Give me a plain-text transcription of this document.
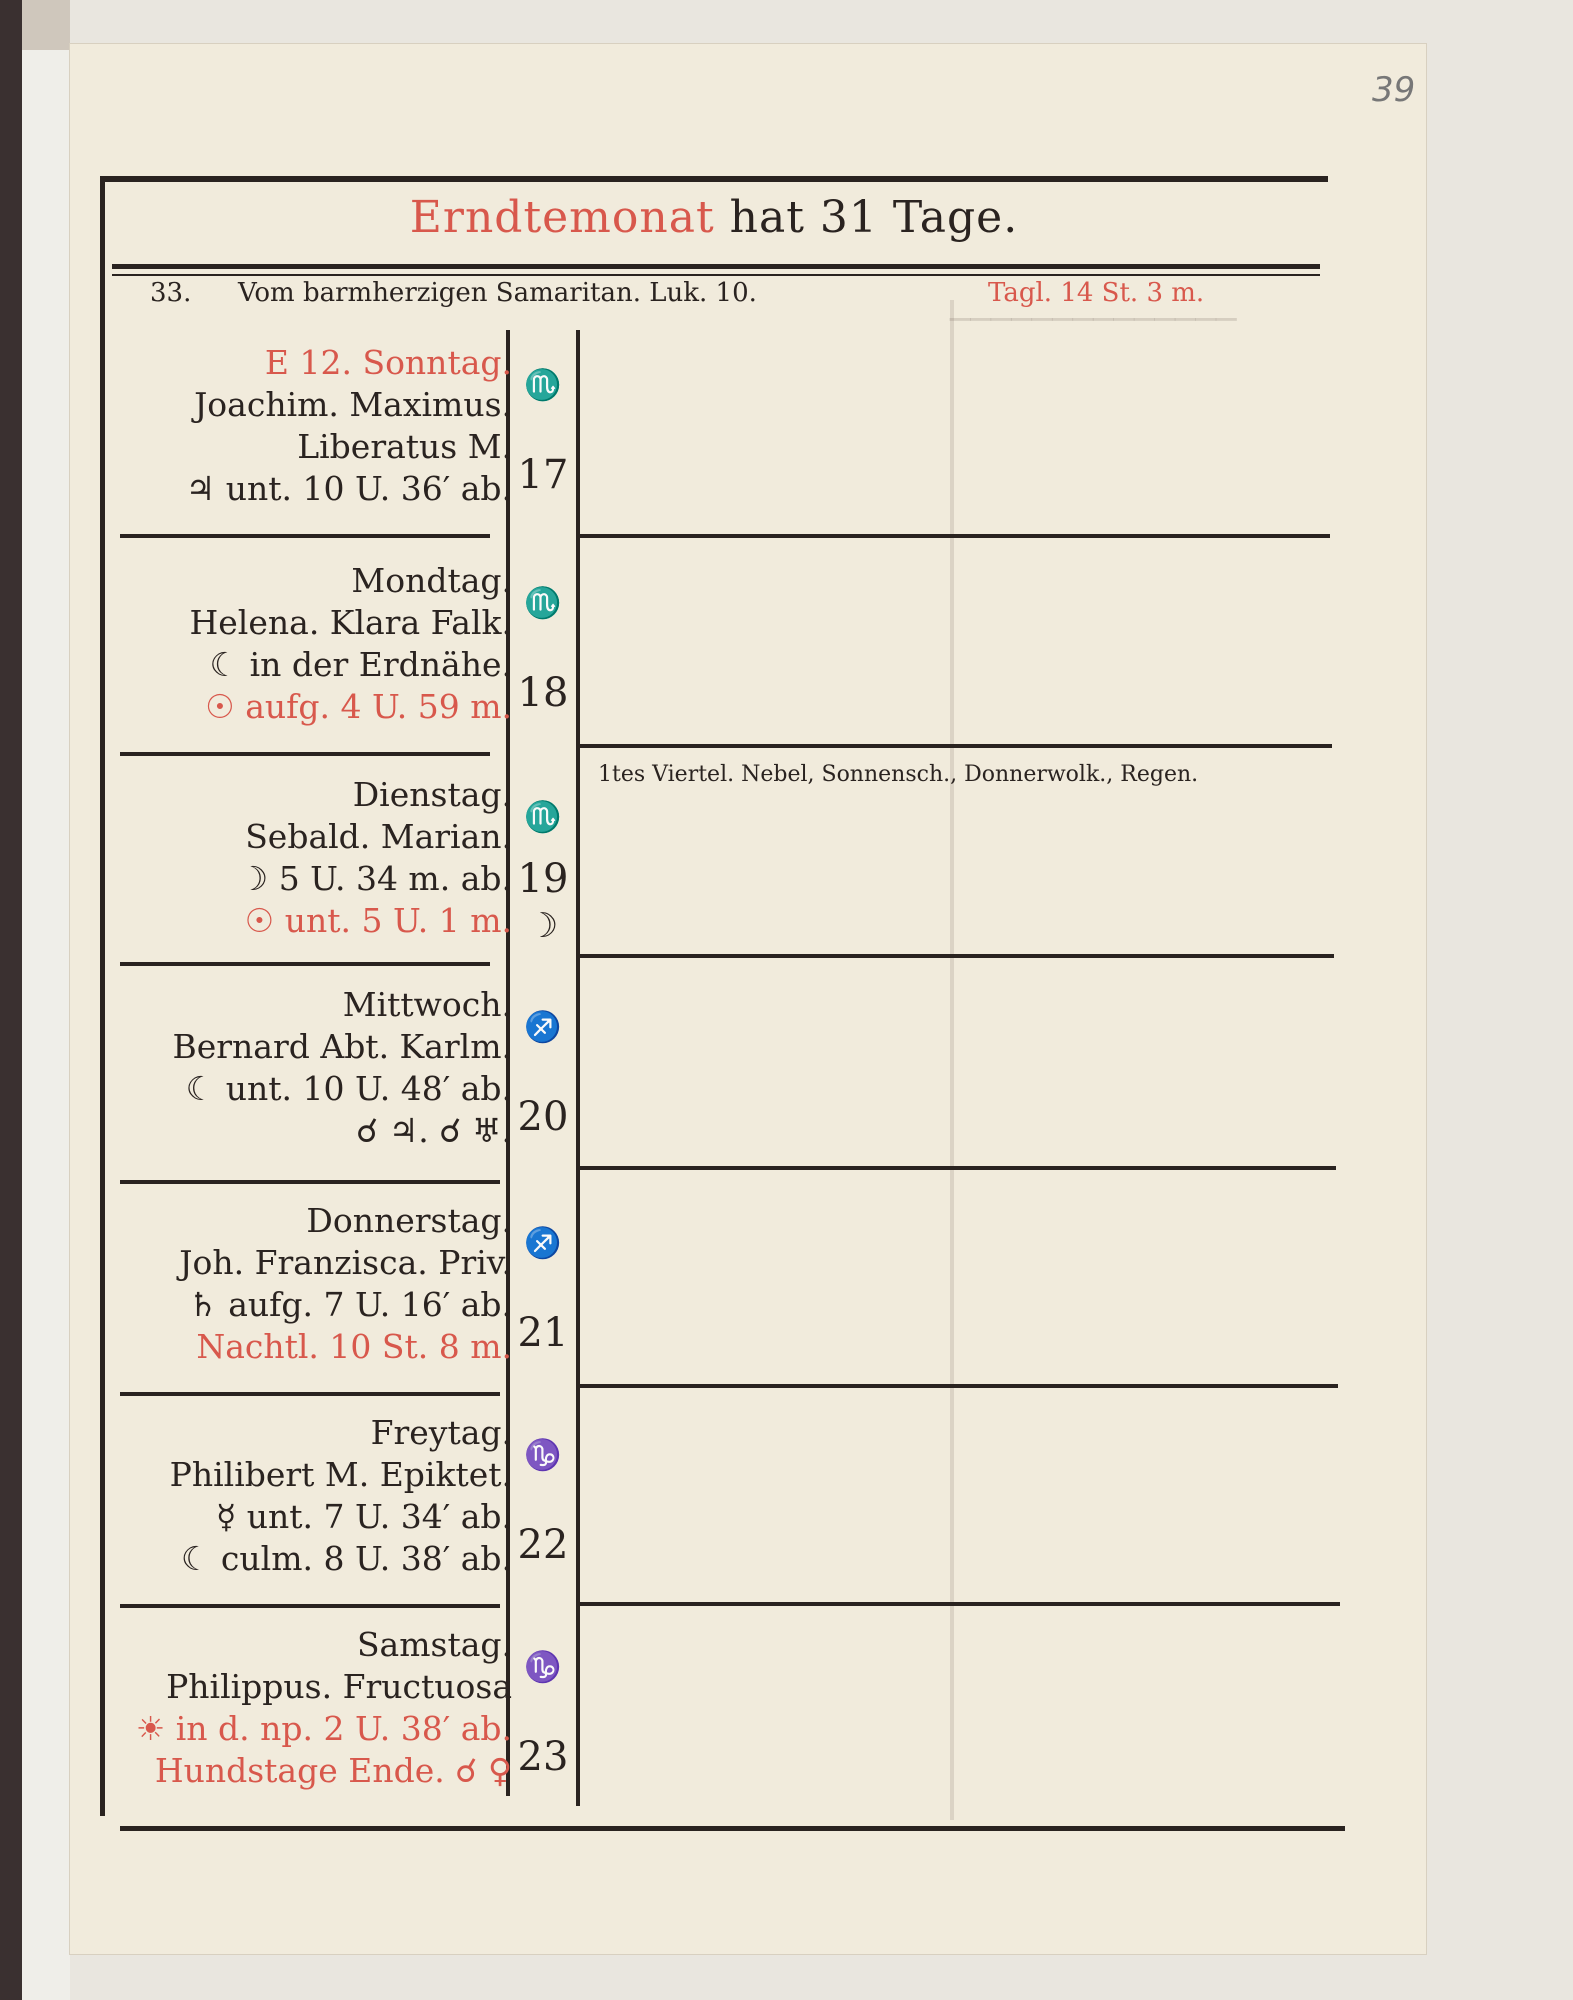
39
──────────────
Erndtemonat hat 31 Tage.
33. Vom barmherzigen Samaritan. Luk. 10.	Tagl. 14 St. 3 m.
E 12. Sonntag.
Joachim. Maximus.
Liberatus M.
♃ unt. 10 U. 36′ ab.
♏
17
Mondtag.
Helena. Klara Falk.
☾ in der Erdnähe.
☉ aufg. 4 U. 59 m.
♏
18
Dienstag.
Sebald. Marian.
☽ 5 U. 34 m. ab.
☉ unt. 5 U. 1 m.
♏
19
☽
Mittwoch.
Bernard Abt. Karlm.
☾ unt. 10 U. 48′ ab.
☌ ♃. ☌ ♅.
♐
20
Donnerstag.
Joh. Franzisca. Priv.
♄ aufg. 7 U. 16′ ab.
Nachtl. 10 St. 8 m.
♐
21
Freytag.
Philibert M. Epiktet.
☿ unt. 7 U. 34′ ab.
☾ culm. 8 U. 38′ ab.
♑
22
Samstag.
Philippus. Fructuosa
☀ in d. np. 2 U. 38′ ab.
Hundstage Ende. ☌ ♀
♑
23
1tes Viertel. Nebel, Sonnensch., Donnerwolk., Regen.
